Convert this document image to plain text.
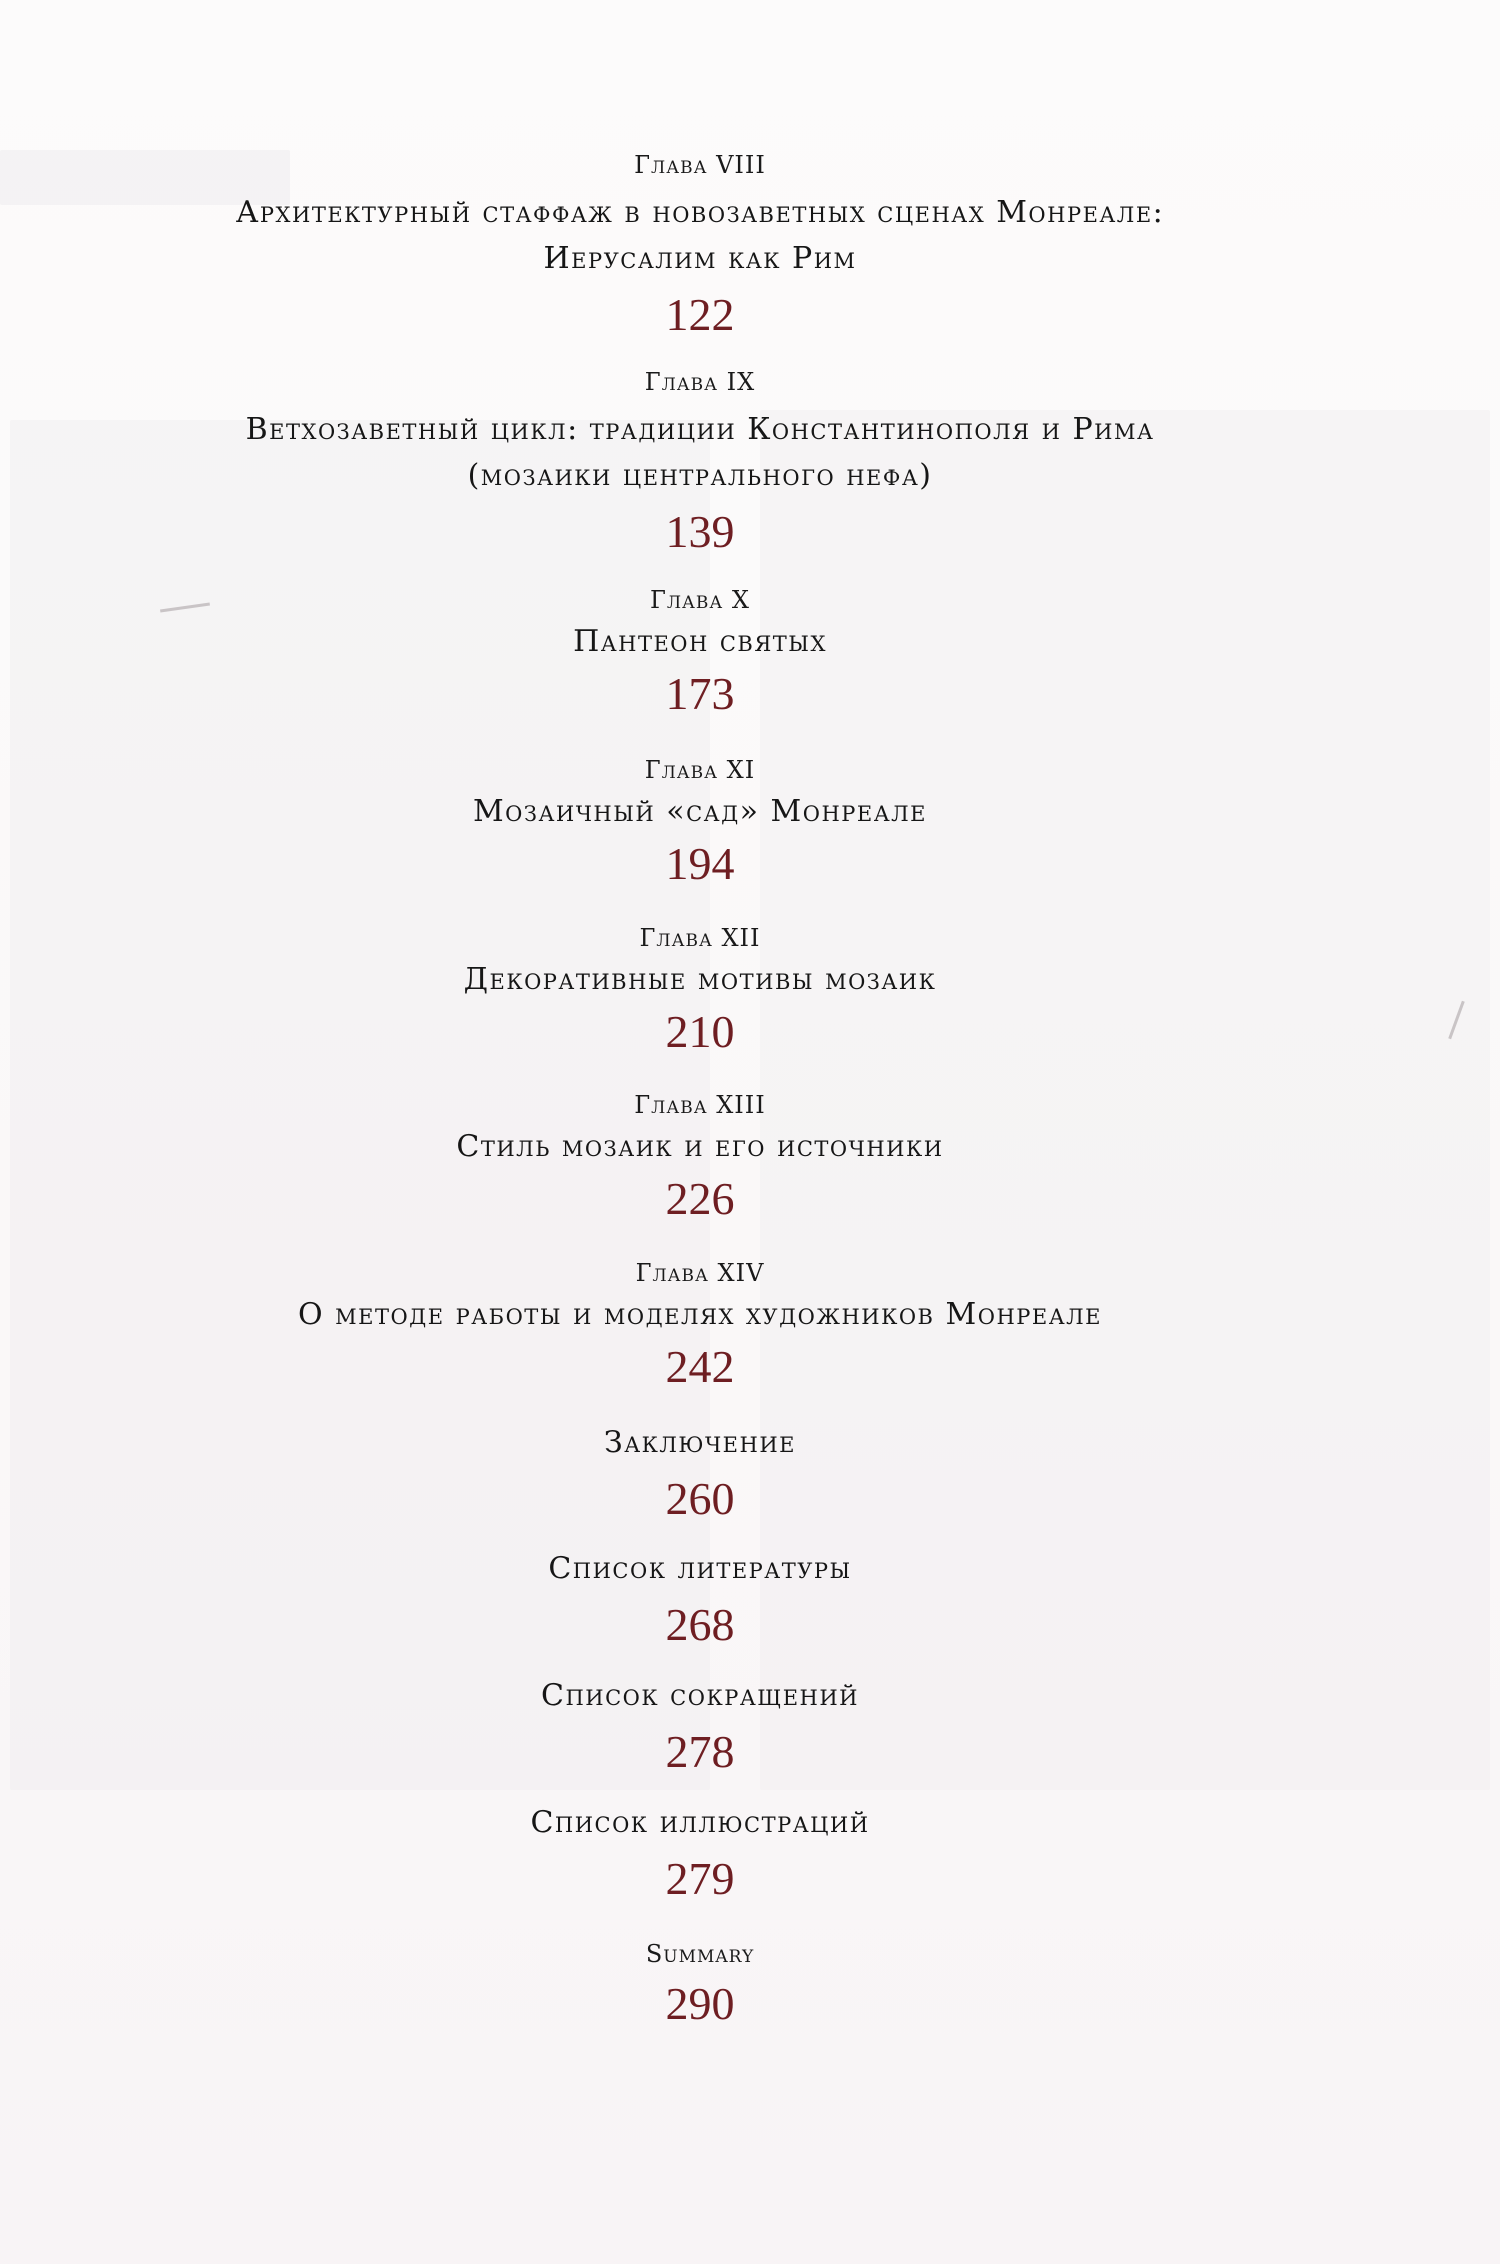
Глава VIII
Архитектурный стаффаж в новозаветных сценах Монреале:
Иерусалим как Рим
122
Глава IX
Ветхозаветный цикл: традиции Константинополя и Рима
(мозаики центрального нефа)
139
Глава X
Пантеон святых
173
Глава XI
Мозаичный «сад» Монреале
194
Глава XII
Декоративные мотивы мозаик
210
Глава XIII
Стиль мозаик и его источники
226
Глава XIV
О методе работы и моделях художников Монреале
242
Заключение
260
Список литературы
268
Список сокращений
278
Список иллюстраций
279
Summary
290
